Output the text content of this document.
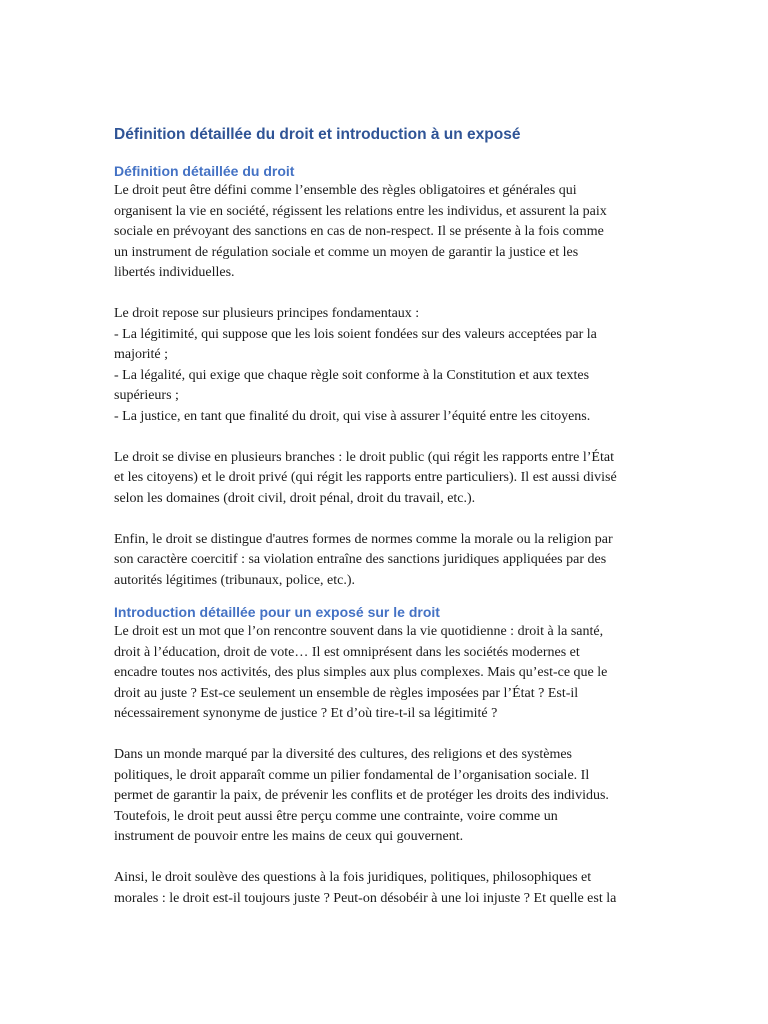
Définition détaillée du droit et introduction à un exposé
Définition détaillée du droit

Le droit peut être défini comme l’ensemble des règles obligatoires et générales qui
organisent la vie en société, régissent les relations entre les individus, et assurent la paix
sociale en prévoyant des sanctions en cas de non-respect. Il se présente à la fois comme
un instrument de régulation sociale et comme un moyen de garantir la justice et les
libertés individuelles.

Le droit repose sur plusieurs principes fondamentaux :
- La légitimité, qui suppose que les lois soient fondées sur des valeurs acceptées par la
majorité ;
- La légalité, qui exige que chaque règle soit conforme à la Constitution et aux textes
supérieurs ;
- La justice, en tant que finalité du droit, qui vise à assurer l’équité entre les citoyens.

Le droit se divise en plusieurs branches : le droit public (qui régit les rapports entre l’État
et les citoyens) et le droit privé (qui régit les rapports entre particuliers). Il est aussi divisé
selon les domaines (droit civil, droit pénal, droit du travail, etc.).

Enfin, le droit se distingue d'autres formes de normes comme la morale ou la religion par
son caractère coercitif : sa violation entraîne des sanctions juridiques appliquées par des
autorités légitimes (tribunaux, police, etc.).

Introduction détaillée pour un exposé sur le droit

Le droit est un mot que l’on rencontre souvent dans la vie quotidienne : droit à la santé,
droit à l’éducation, droit de vote… Il est omniprésent dans les sociétés modernes et
encadre toutes nos activités, des plus simples aux plus complexes. Mais qu’est-ce que le
droit au juste ? Est-ce seulement un ensemble de règles imposées par l’État ? Est-il
nécessairement synonyme de justice ? Et d’où tire-t-il sa légitimité ?

Dans un monde marqué par la diversité des cultures, des religions et des systèmes
politiques, le droit apparaît comme un pilier fondamental de l’organisation sociale. Il
permet de garantir la paix, de prévenir les conflits et de protéger les droits des individus.
Toutefois, le droit peut aussi être perçu comme une contrainte, voire comme un
instrument de pouvoir entre les mains de ceux qui gouvernent.

Ainsi, le droit soulève des questions à la fois juridiques, politiques, philosophiques et
morales : le droit est-il toujours juste ? Peut-on désobéir à une loi injuste ? Et quelle est la
